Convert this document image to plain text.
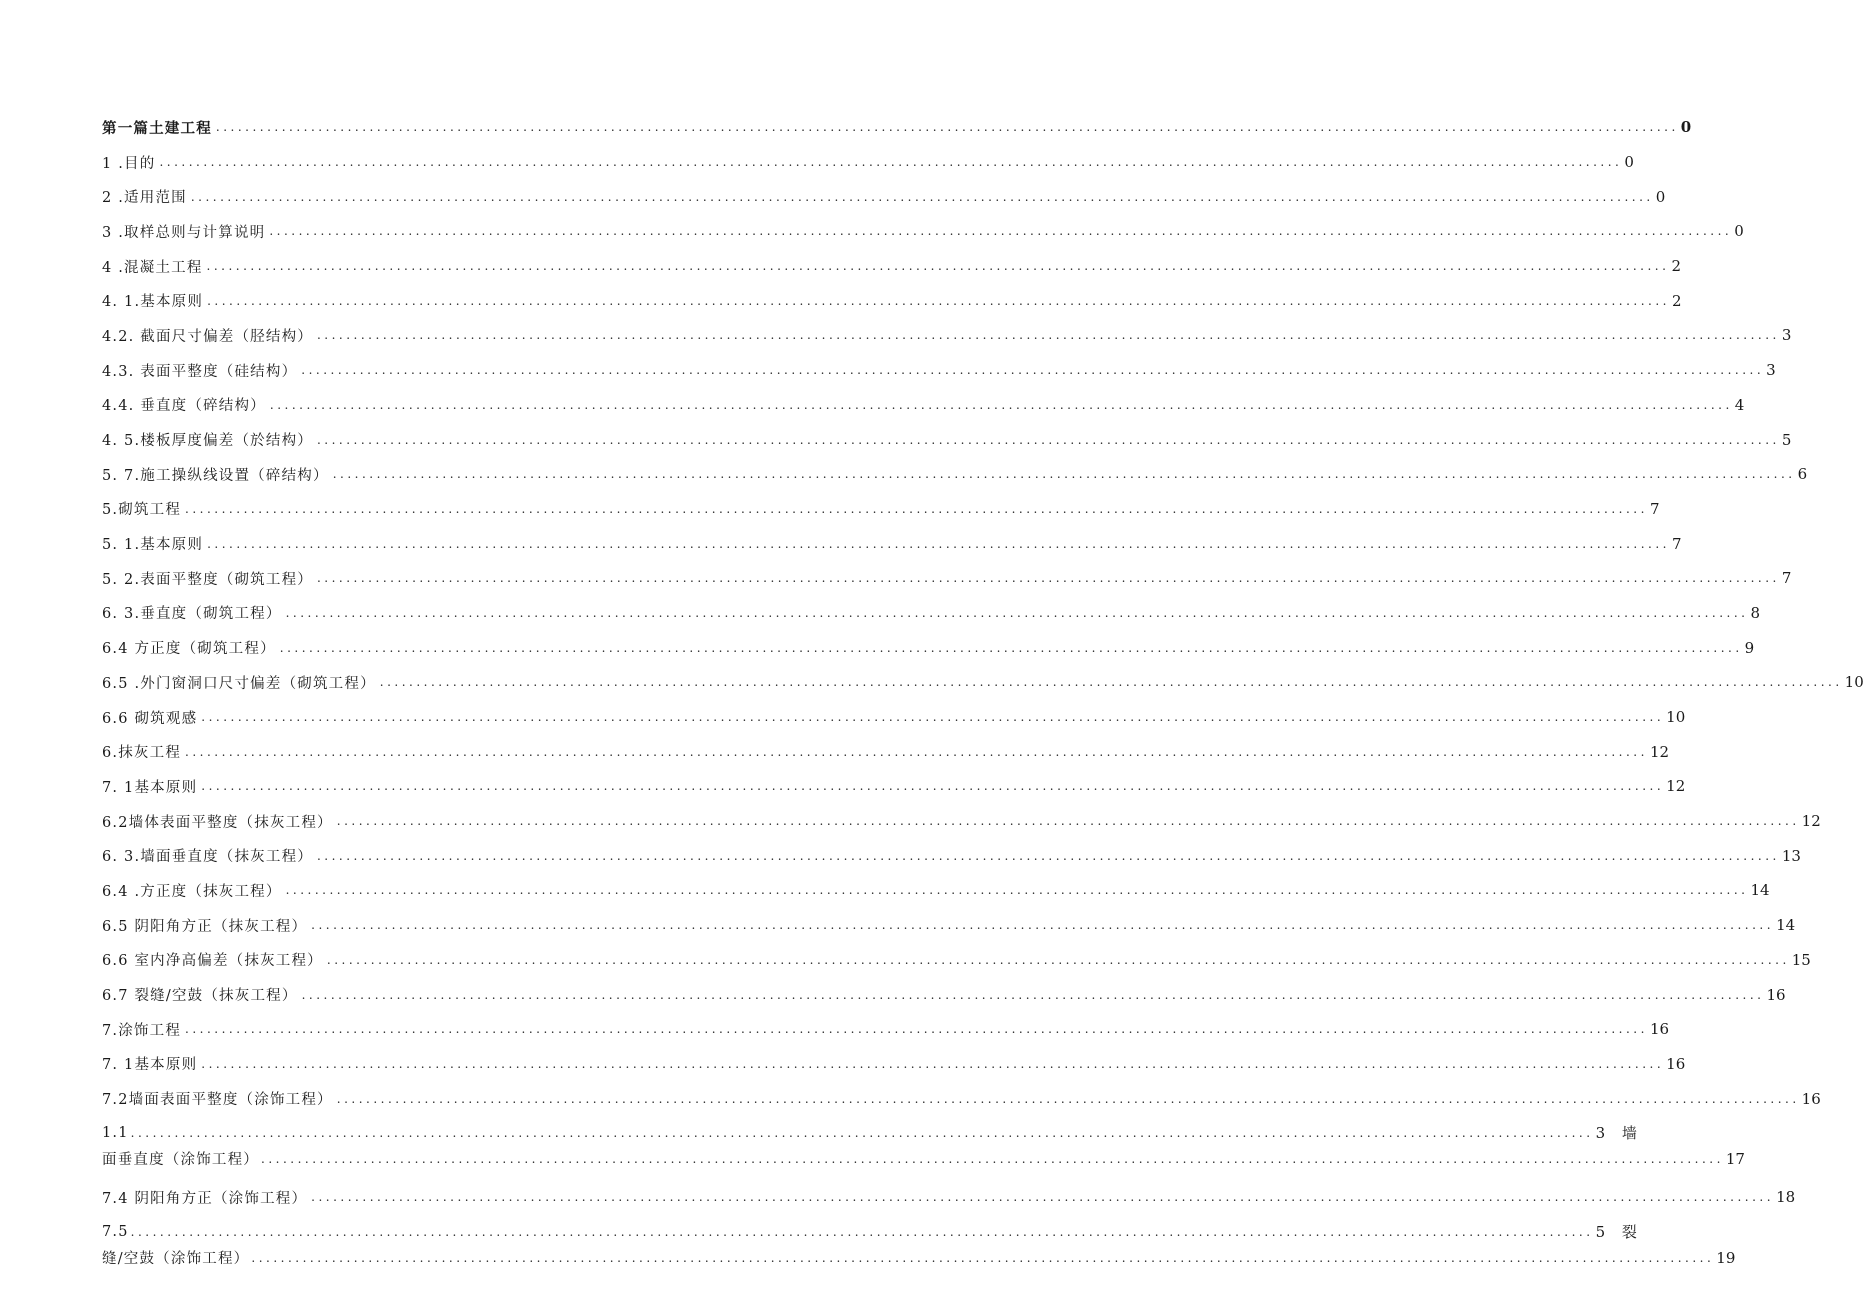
第一篇土建工程 ........................................................................................................................................................................................................ 0
1 .目的 ........................................................................................................................................................................................................ 0
2 .适用范围 ........................................................................................................................................................................................................ 0
3 .取样总则与计算说明 ........................................................................................................................................................................................................ 0
4 .混凝土工程 ........................................................................................................................................................................................................ 2
4. 1.基本原则 ........................................................................................................................................................................................................ 2
4.2. 截面尺寸偏差（胫结构） ........................................................................................................................................................................................................ 3
4.3. 表面平整度（硅结构） ........................................................................................................................................................................................................ 3
4.4. 垂直度（碎结构） ........................................................................................................................................................................................................ 4
4. 5.楼板厚度偏差（於结构） ........................................................................................................................................................................................................ 5
5. 7.施工操纵线设置（碎结构） ........................................................................................................................................................................................................ 6
5.砌筑工程 ........................................................................................................................................................................................................ 7
5. 1.基本原则 ........................................................................................................................................................................................................ 7
5. 2.表面平整度（砌筑工程） ........................................................................................................................................................................................................ 7
6. 3.垂直度（砌筑工程） ........................................................................................................................................................................................................ 8
6.4 方正度（砌筑工程） ........................................................................................................................................................................................................ 9
6.5 .外门窗洞口尺寸偏差（砌筑工程） ........................................................................................................................................................................................................ 10
6.6 砌筑观感 ........................................................................................................................................................................................................ 10
6.抹灰工程 ........................................................................................................................................................................................................ 12
7. 1基本原则 ........................................................................................................................................................................................................ 12
6.2墙体表面平整度（抹灰工程） ........................................................................................................................................................................................................ 12
6. 3.墙面垂直度（抹灰工程） ........................................................................................................................................................................................................ 13
6.4 .方正度（抹灰工程） ........................................................................................................................................................................................................ 14
6.5 阴阳角方正（抹灰工程） ........................................................................................................................................................................................................ 14
6.6 室内净高偏差（抹灰工程） ........................................................................................................................................................................................................ 15
6.7 裂缝/空鼓（抹灰工程） ........................................................................................................................................................................................................ 16
7.涂饰工程 ........................................................................................................................................................................................................ 16
7. 1基本原则 ........................................................................................................................................................................................................ 16
7.2墙面表面平整度（涂饰工程） ........................................................................................................................................................................................................ 16
1.1 ........................................................................................................................................................................................................ 3 墙
面垂直度（涂饰工程） ........................................................................................................................................................................................................ 17
7.4 阴阳角方正（涂饰工程） ........................................................................................................................................................................................................ 18
7.5 ........................................................................................................................................................................................................ 5 裂
缝/空鼓（涂饰工程） ........................................................................................................................................................................................................ 19
